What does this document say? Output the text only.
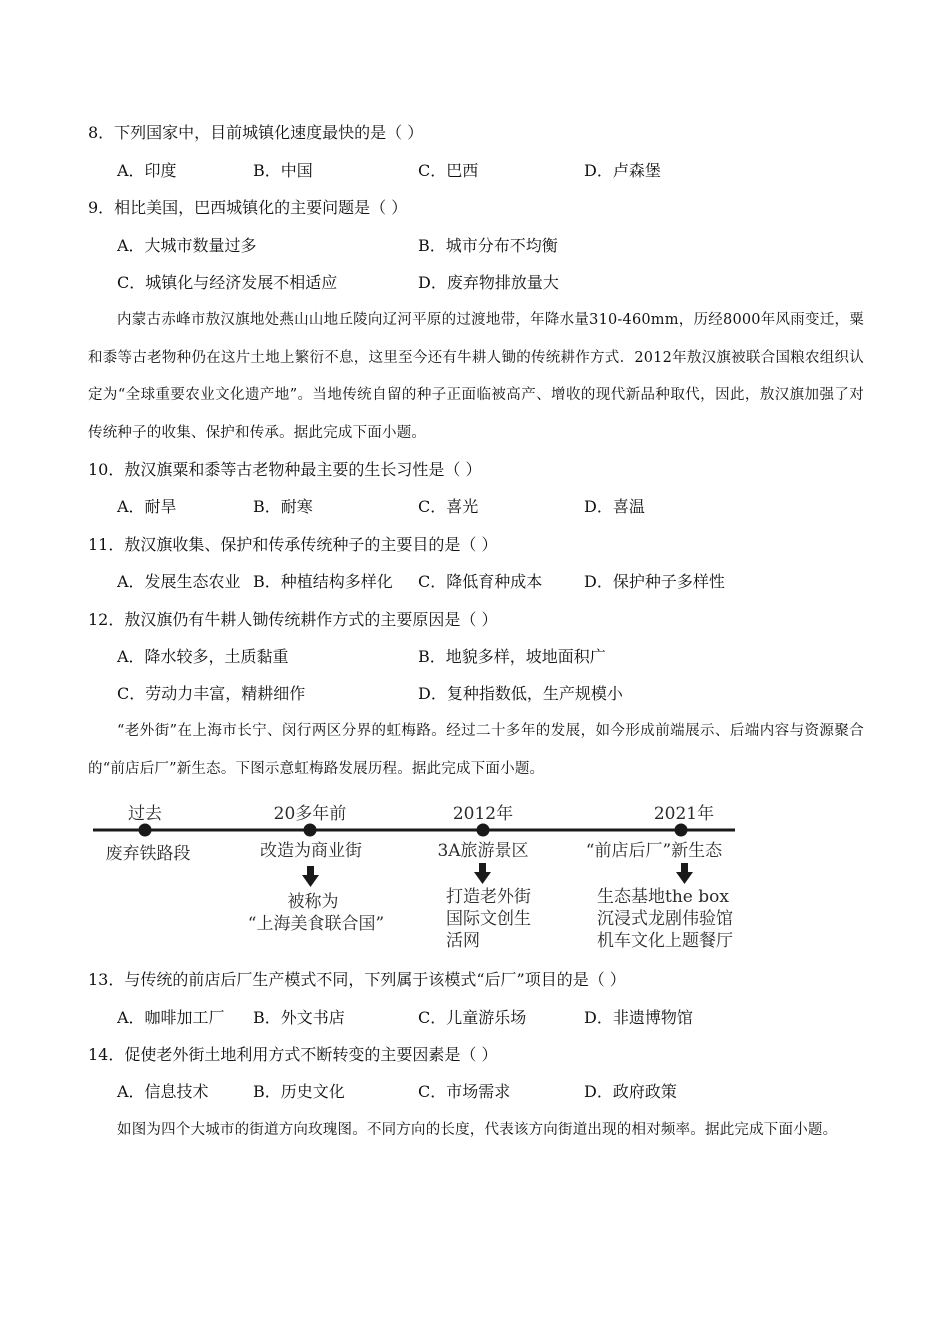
8．下列国家中，目前城镇化速度最快的是（ ）
A．印度	B．中国	C．巴西	D．卢森堡
9．相比美国，巴西城镇化的主要问题是（ ）
A．大城市数量过多	B．城市分布不均衡
C．城镇化与经济发展不相适应	D．废弃物排放量大
内蒙古赤峰市敖汉旗地处燕山山地丘陵向辽河平原的过渡地带，年降水量310-460mm，历经8000年风雨变迁，粟和黍等古老物种仍在这片土地上繁衍不息，这里至今还有牛耕人锄的传统耕作方式．2012年敖汉旗被联合国粮农组织认定为“全球重要农业文化遗产地”。当地传统自留的种子正面临被高产、增收的现代新品种取代，因此，敖汉旗加强了对传统种子的收集、保护和传承。据此完成下面小题。
10．敖汉旗粟和黍等古老物种最主要的生长习性是（ ）
A．耐旱	B．耐寒	C．喜光	D．喜温
11．敖汉旗收集、保护和传承传统种子的主要目的是（ ）
A．发展生态农业 B．种植结构多样化 C．降低育种成本	D．保护种子多样性
12．敖汉旗仍有牛耕人锄传统耕作方式的主要原因是（ ）
A．降水较多，土质黏重	B．地貌多样，坡地面积广
C．劳动力丰富，精耕细作	D．复种指数低，生产规模小
“老外街”在上海市长宁、闵行两区分界的虹梅路。经过二十多年的发展，如今形成前端展示、后端内容与资源聚合的“前店后厂”新生态。下图示意虹梅路发展历程。据此完成下面小题。
过去	20多年前	2012年	2021年
废弃铁路段	改造为商业街	3A旅游景区	“前店后厂”新生态
被称为
“上海美食联合国”
打造老外街
国际文创生
活网
生态基地the box
沉浸式龙剧伟验馆
机车文化上题餐厅
13．与传统的前店后厂生产模式不同，下列属于该模式“后厂”项目的是（ ）
A．咖啡加工厂 B．外文书店	C．儿童游乐场	D．非遗博物馆
14．促使老外街土地利用方式不断转变的主要因素是（ ）
A．信息技术	B．历史文化	C．市场需求	D．政府政策
如图为四个大城市的街道方向玫瑰图。不同方向的长度，代表该方向街道出现的相对频率。据此完成下面小题。
